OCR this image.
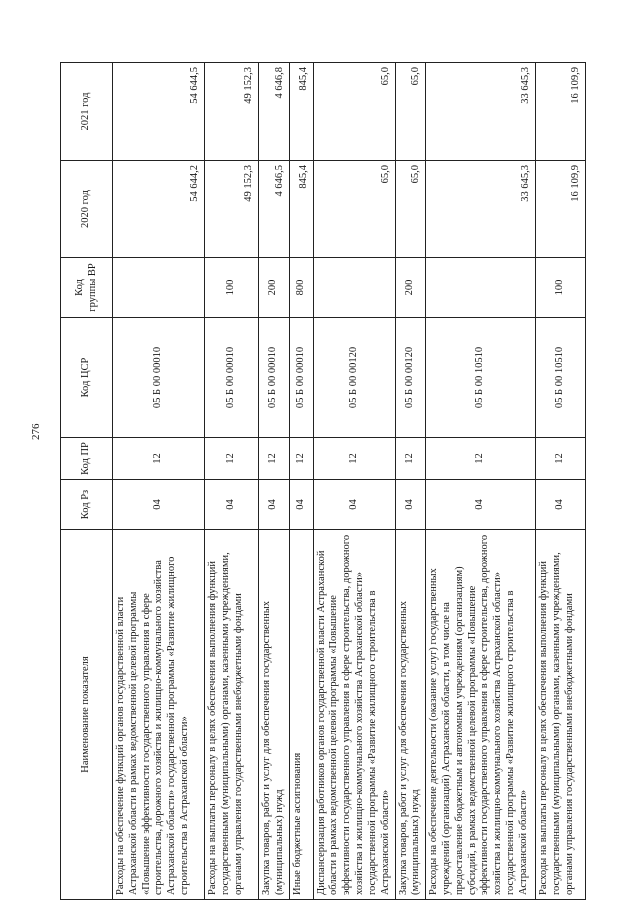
276
Наименование показателя	Код Рз	Код ПР	Код ЦСР	Код группы ВР	2020 год	2021 год
Расходы на обеспечение функций органов государственной власти Астраханской области в рамках ведомственной целевой программы «Повышение эффективности государственного управления в сфере строительства, дорожного хозяйства и жилищно-коммунального хозяйства Астраханской области» государственной программы «Развитие жилищного строительства в Астраханской области»	04	12	05 Б 00 00010		54 644,2	54 644,5
Расходы на выплаты персоналу в целях обеспечения выполнения функций государственными (муниципальными) органами, казенными учреждениями, органами управления государственными внебюджетными фондами	04	12	05 Б 00 00010	100	49 152,3	49 152,3
Закупка товаров, работ и услуг для обеспечения государственных (муниципальных) нужд	04	12	05 Б 00 00010	200	4 646,5	4 646,8
Иные бюджетные ассигнования	04	12	05 Б 00 00010	800	845,4	845,4
Диспансеризация работников органов государственной власти Астраханской области в рамках ведомственной целевой программы «Повышение эффективности государственного управления в сфере строительства, дорожного хозяйства и жилищно-коммунального хозяйства Астраханской области» государственной программы «Развитие жилищного строительства в Астраханской области»	04	12	05 Б 00 00120		65,0	65,0
Закупка товаров, работ и услуг для обеспечения государственных (муниципальных) нужд	04	12	05 Б 00 00120	200	65,0	65,0
Расходы на обеспечение деятельности (оказание услуг) государственных учреждений (организаций) Астраханской области, в том числе на предоставление бюджетным и автономным учреждениям (организациям) субсидий, в рамках ведомственной целевой программы «Повышение эффективности государственного управления в сфере строительства, дорожного хозяйства и жилищно-коммунального хозяйства Астраханской области» государственной программы «Развитие жилищного строительства в Астраханской области»	04	12	05 Б 00 10510		33 645,3	33 645,3
Расходы на выплаты персоналу в целях обеспечения выполнения функций государственными (муниципальными) органами, казенными учреждениями, органами управления государственными внебюджетными фондами	04	12	05 Б 00 10510	100	16 109,9	16 109,9
